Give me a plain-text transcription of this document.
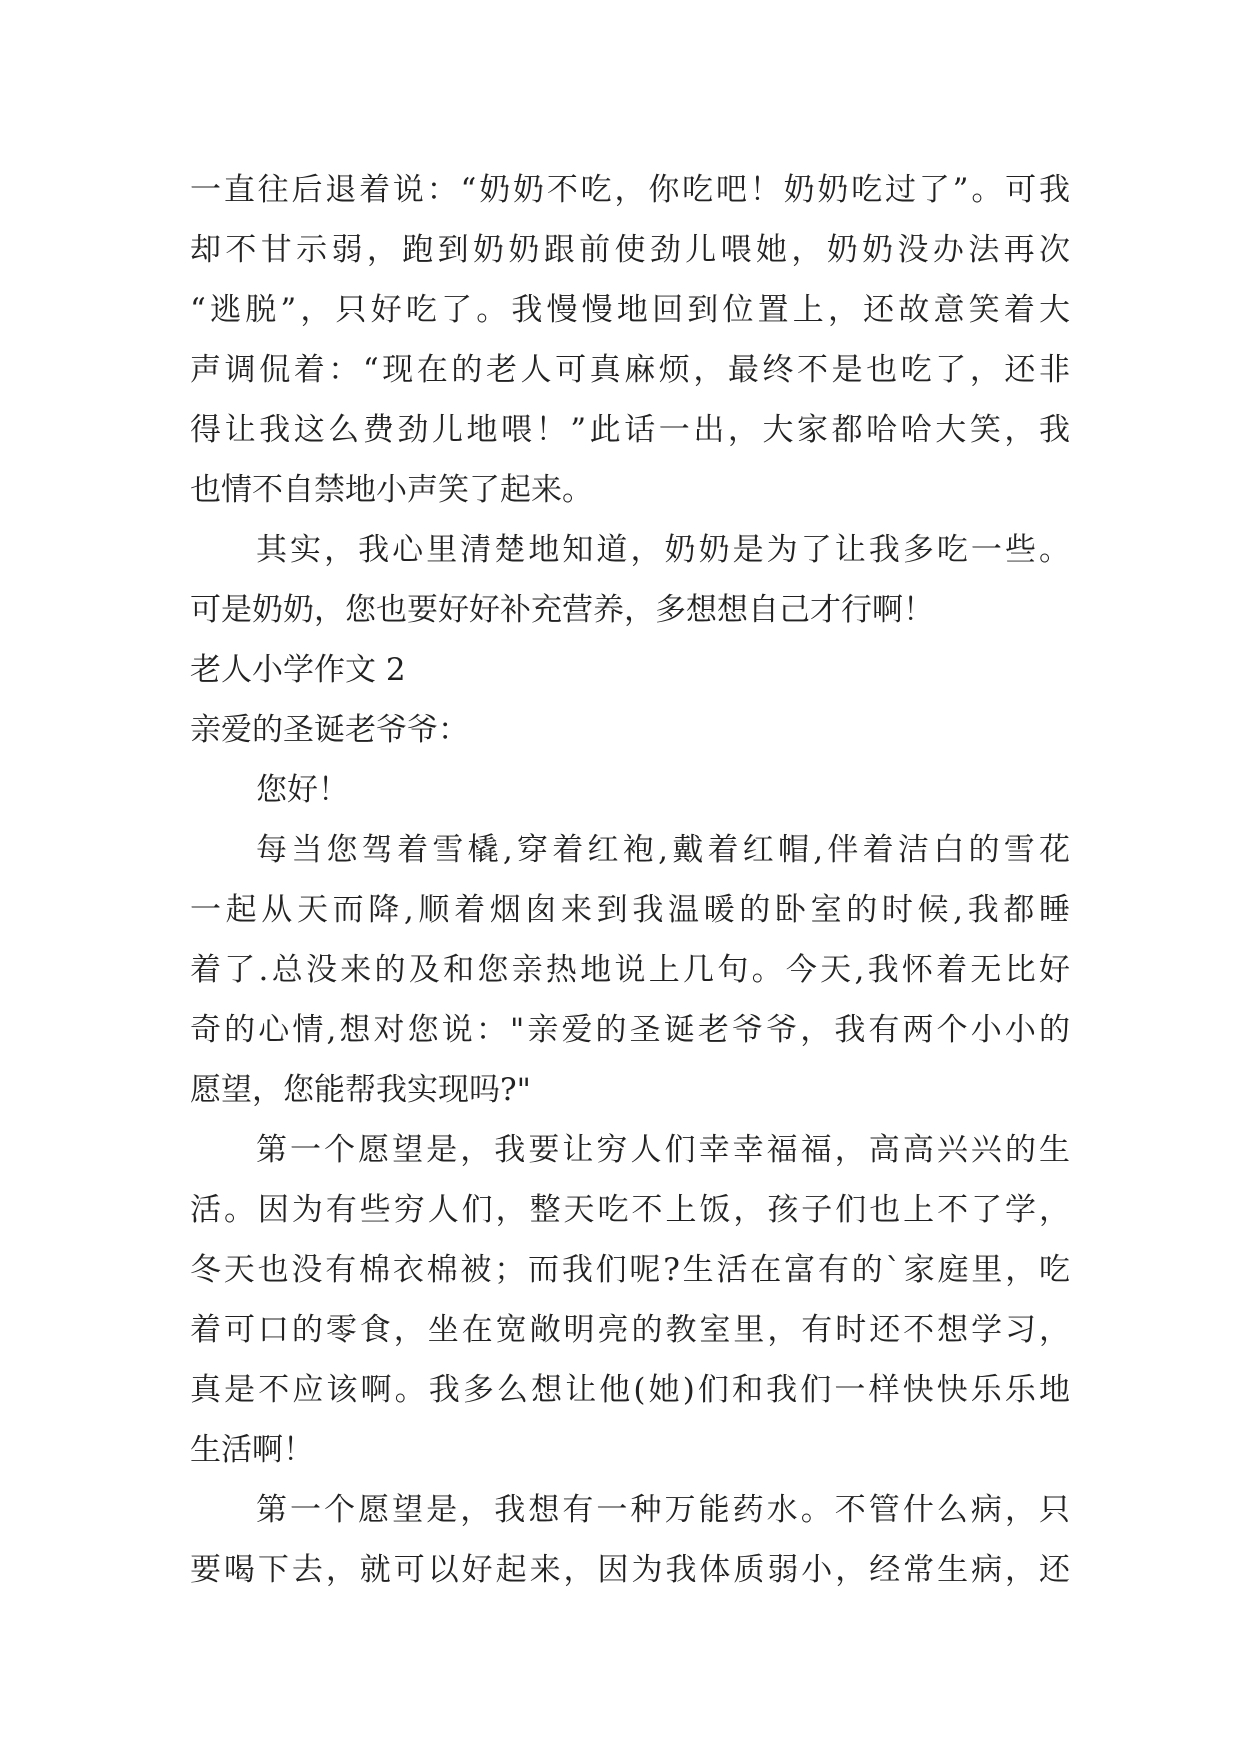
一直往后退着说：“奶奶不吃，你吃吧！奶奶吃过了”。可我
却不甘示弱，跑到奶奶跟前使劲儿喂她，奶奶没办法再次
“逃脱”，只好吃了。我慢慢地回到位置上，还故意笑着大
声调侃着：“现在的老人可真麻烦，最终不是也吃了，还非
得让我这么费劲儿地喂！”此话一出，大家都哈哈大笑，我
也情不自禁地小声笑了起来。
其实，我心里清楚地知道，奶奶是为了让我多吃一些。
可是奶奶，您也要好好补充营养，多想想自己才行啊！
老人小学作文 2
亲爱的圣诞老爷爷：
您好！
每当您驾着雪橇,穿着红袍,戴着红帽,伴着洁白的雪花
一起从天而降,顺着烟囱来到我温暖的卧室的时候,我都睡
着了.总没来的及和您亲热地说上几句。今天,我怀着无比好
奇的心情,想对您说："亲爱的圣诞老爷爷，我有两个小小的
愿望，您能帮我实现吗?"
第一个愿望是，我要让穷人们幸幸福福，高高兴兴的生
活。因为有些穷人们，整天吃不上饭，孩子们也上不了学，
冬天也没有棉衣棉被；而我们呢?生活在富有的`家庭里，吃
着可口的零食，坐在宽敞明亮的教室里，有时还不想学习，
真是不应该啊。我多么想让他(她)们和我们一样快快乐乐地
生活啊！
第一个愿望是，我想有一种万能药水。不管什么病，只
要喝下去，就可以好起来，因为我体质弱小，经常生病，还
